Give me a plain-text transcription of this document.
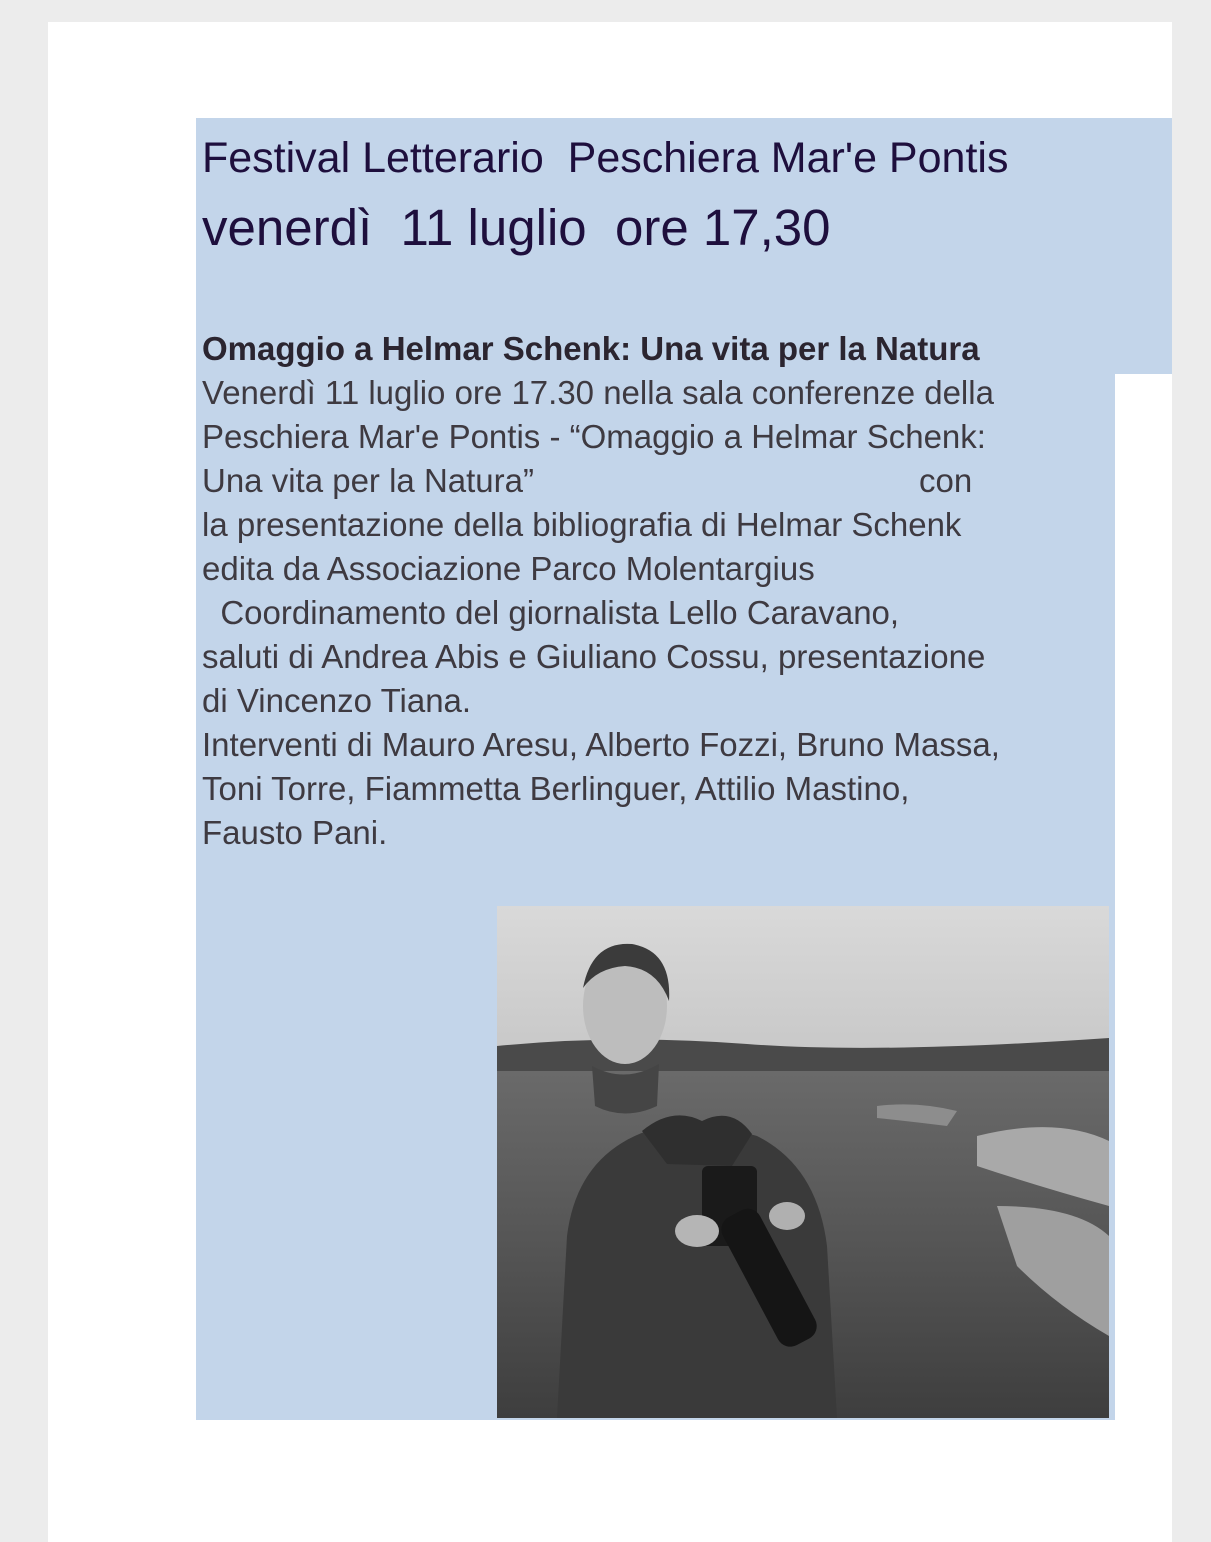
Festival Letterario  Peschiera Mar'e Pontis

venerdì  11 luglio  ore 17,30

Omaggio a Helmar Schenk: Una vita per la Natura

Venerdì 11 luglio ore 17.30 nella sala conferenze della

Peschiera Mar'e Pontis - “Omaggio a Helmar Schenk:

Una vita per la Natura”                                          con

la presentazione della bibliografia di Helmar Schenk

edita da Associazione Parco Molentargius

Coordinamento del giornalista Lello Caravano,

saluti di Andrea Abis e Giuliano Cossu, presentazione

di Vincenzo Tiana.

Interventi di Mauro Aresu, Alberto Fozzi, Bruno Massa,

Toni Torre, Fiammetta Berlinguer, Attilio Mastino,

Fausto Pani.
